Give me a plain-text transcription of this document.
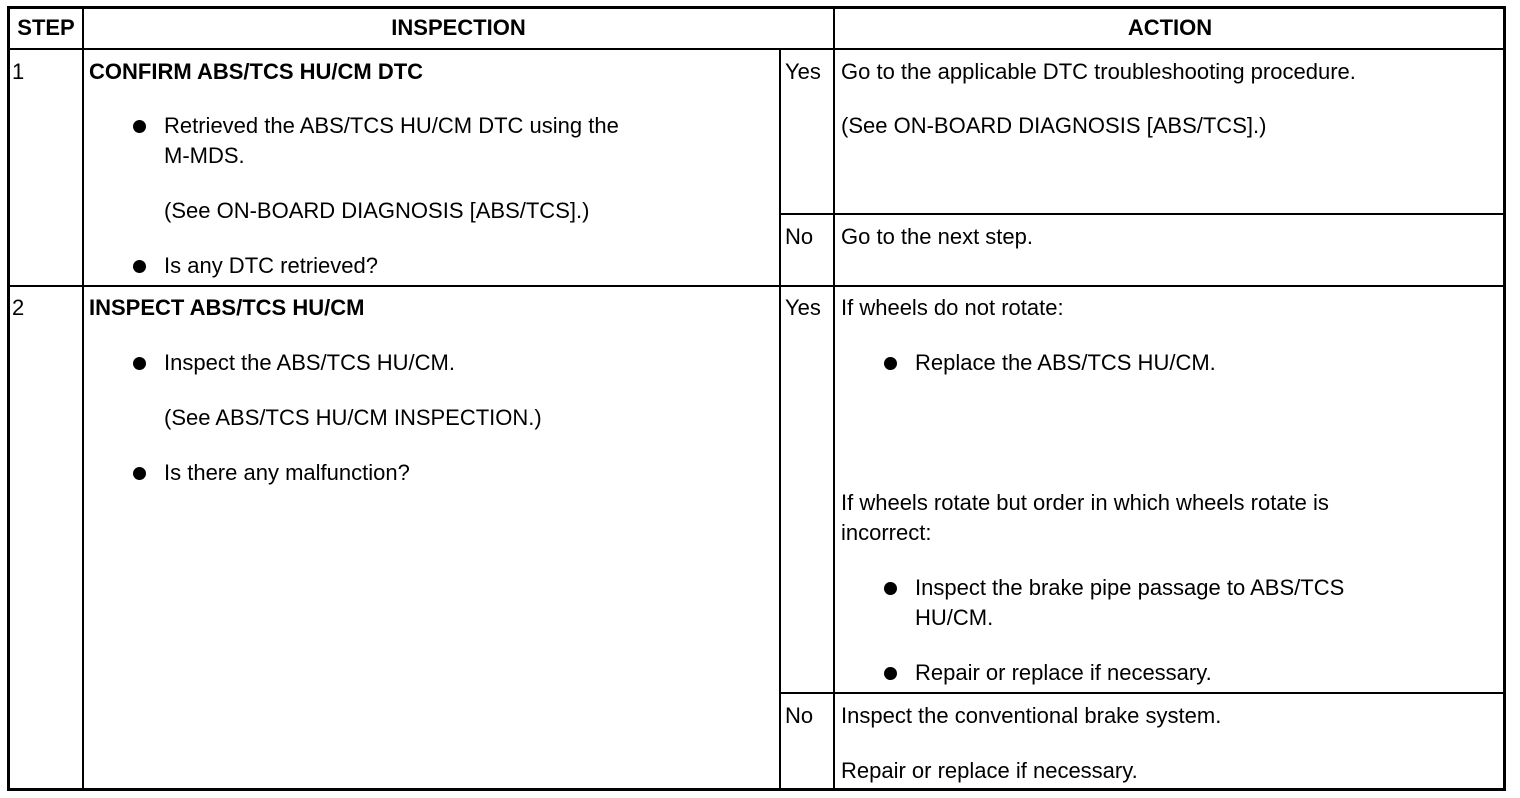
STEP	INSPECTION	ACTION
1	CONFIRM ABS/TCS HU/CM DTC
Retrieved the ABS/TCS HU/CM DTC using the
M-MDS.
(See ON-BOARD DIAGNOSIS [ABS/TCS].)
Is any DTC retrieved?
Yes Go to the applicable DTC troubleshooting procedure.
(See ON-BOARD DIAGNOSIS [ABS/TCS].)
No Go to the next step.
2	INSPECT ABS/TCS HU/CM
Inspect the ABS/TCS HU/CM.
(See ABS/TCS HU/CM INSPECTION.)
Is there any malfunction?
Yes If wheels do not rotate:
Replace the ABS/TCS HU/CM.
If wheels rotate but order in which wheels rotate is
incorrect:
Inspect the brake pipe passage to ABS/TCS
HU/CM.
Repair or replace if necessary.
No Inspect the conventional brake system.
Repair or replace if necessary.
